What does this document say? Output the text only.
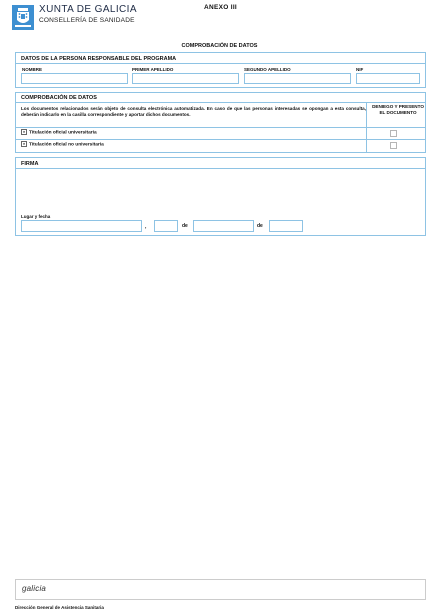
XUNTA DE GALICIA
CONSELLERÍA DE SANIDADE
ANEXO III
COMPROBACIÓN DE DATOS
DATOS DE LA PERSONA RESPONSABLE DEL PROGRAMA
NOMBRE	PRIMER APELLIDO	SEGUNDO APELLIDO	NIF
COMPROBACIÓN DE DATOS
Los documentos relacionados serán objeto de consulta electrónica automatizada. En caso de que las personas interesadas se opongan a esta consulta, deberán indicarlo en la casilla correspondiente y aportar dichos documentos.
DENIEGO Y PRESENTO EL DOCUMENTO
× Titulación oficial universitaria
× Titulación oficial no universitaria
FIRMA
Lugar y fecha
,	de	de
galicia
Dirección General de Asistencia Sanitaria
